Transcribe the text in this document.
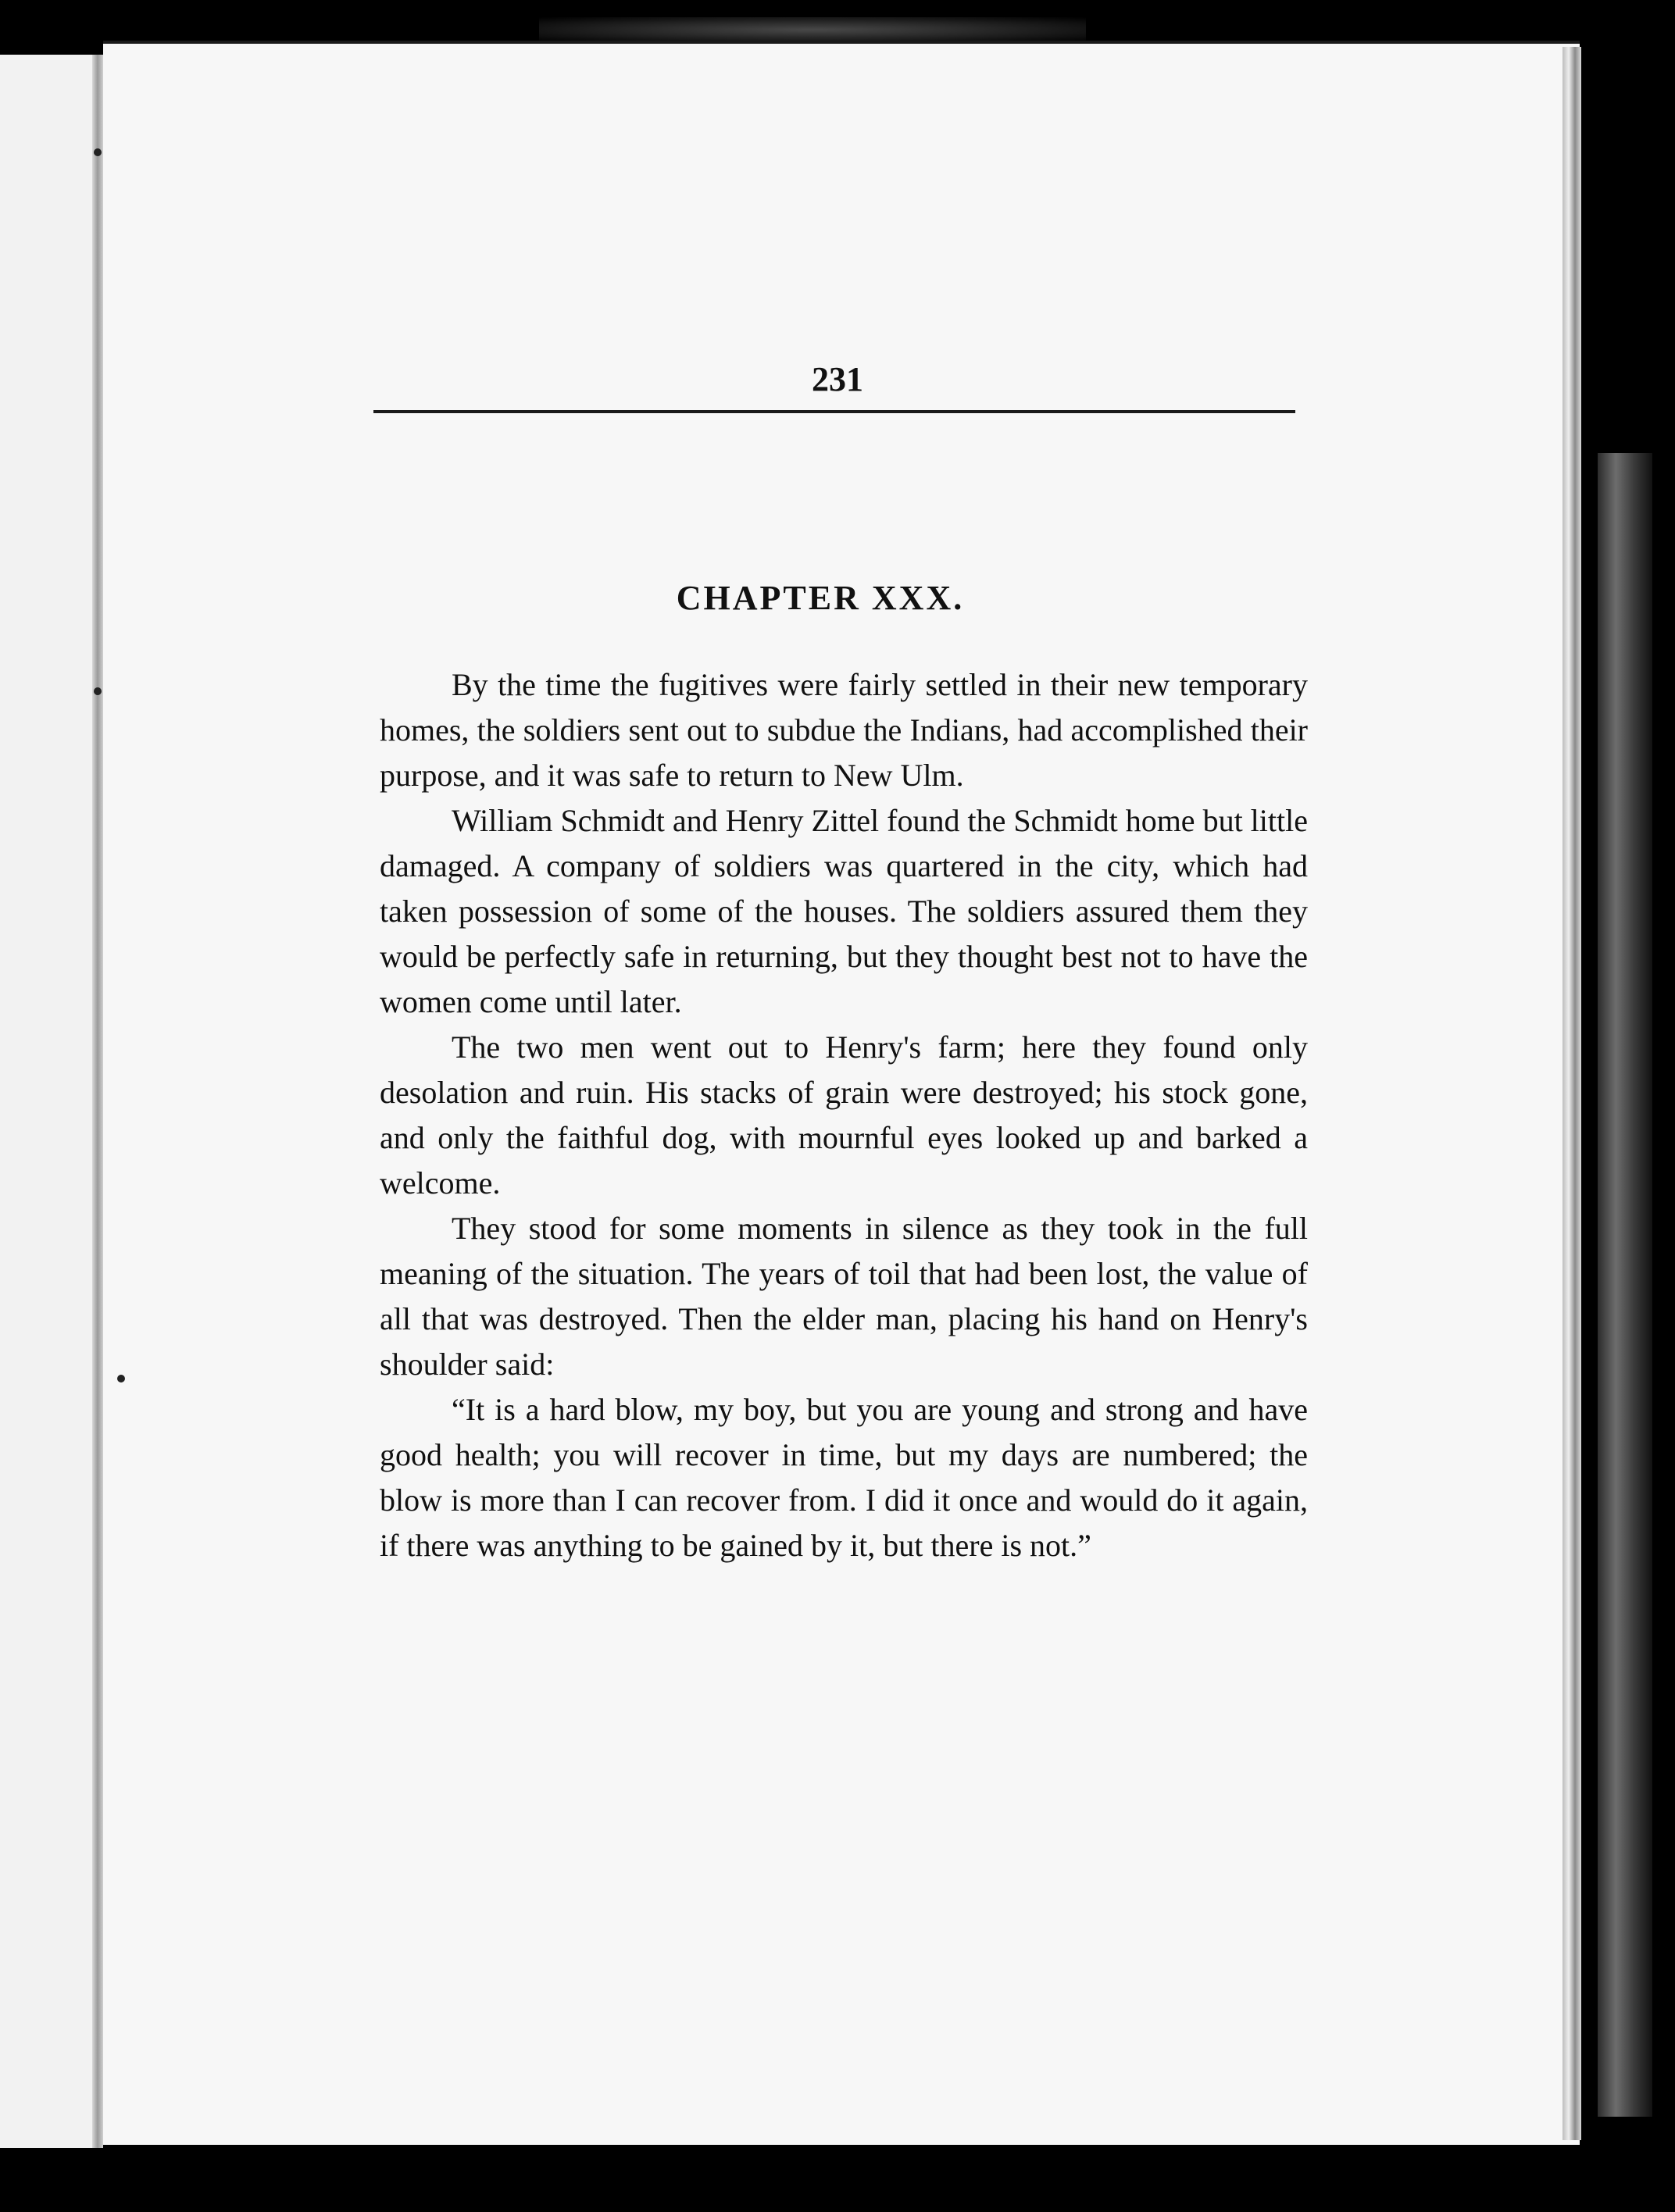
231
CHAPTER XXX.

By the time the fugitives were fairly settled in their new temporary homes, the soldiers sent out to subdue the Indians, had accomplished their purpose, and it was safe to return to New Ulm.

William Schmidt and Henry Zittel found the Schmidt home but little damaged. A company of soldiers was quartered in the city, which had taken possession of some of the houses. The soldiers assured them they would be perfectly safe in returning, but they thought best not to have the women come until later.

The two men went out to Henry's farm; here they found only desolation and ruin. His stacks of grain were destroyed; his stock gone, and only the faithful dog, with mournful eyes looked up and barked a welcome.

They stood for some moments in silence as they took in the full meaning of the situation. The years of toil that had been lost, the value of all that was destroyed. Then the elder man, placing his hand on Henry's shoulder said:

“It is a hard blow, my boy, but you are young and strong and have good health; you will recover in time, but my days are numbered; the blow is more than I can recover from. I did it once and would do it again, if there was anything to be gained by it, but there is not.”
